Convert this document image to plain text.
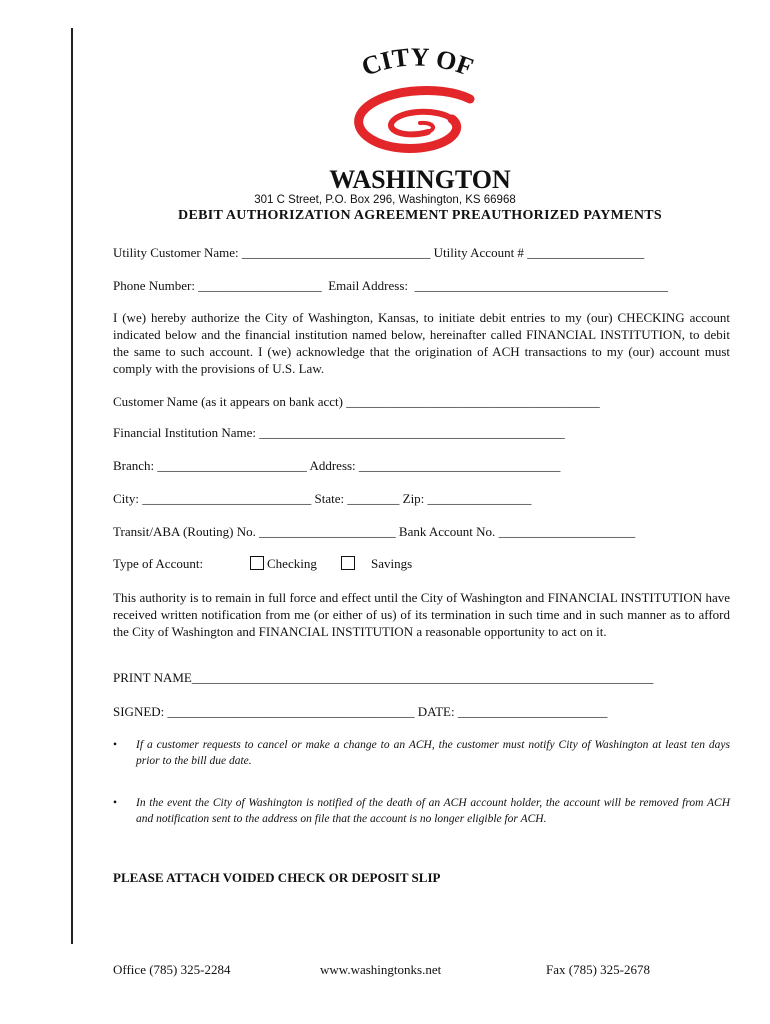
CITY OF
WASHINGTON
301 C Street, P.O. Box 296, Washington, KS 66968
DEBIT AUTHORIZATION AGREEMENT PREAUTHORIZED PAYMENTS
Utility Customer Name: _____________________________ Utility Account # __________________
Phone Number: ___________________ Email Address: _______________________________________
I (we) hereby authorize the City of Washington, Kansas, to initiate debit entries to my (our) CHECKING account indicated below and the financial institution named below, hereinafter called FINANCIAL INSTITUTION, to debit the same to such account. I (we) acknowledge that the origination of ACH transactions to my (our) account must comply with the provisions of U.S. Law.
Customer Name (as it appears on bank acct) _______________________________________
Financial Institution Name: _______________________________________________
Branch: _______________________ Address: _______________________________
City: __________________________ State: ________ Zip: ________________
Transit/ABA (Routing) No. _____________________ Bank Account No. _____________________
Type of Account:	Checking	Savings
This authority is to remain in full force and effect until the City of Washington and FINANCIAL INSTITUTION have received written notification from me (or either of us) of its termination in such time and in such manner as to afford the City of Washington and FINANCIAL INSTITUTION a reasonable opportunity to act on it.
PRINT NAME_______________________________________________________________________
SIGNED: ______________________________________ DATE: _______________________
• If a customer requests to cancel or make a change to an ACH, the customer must notify City of Washington at least ten days prior to the bill due date.
• In the event the City of Washington is notified of the death of an ACH account holder, the account will be removed from ACH and notification sent to the address on file that the account is no longer eligible for ACH.
PLEASE ATTACH VOIDED CHECK OR DEPOSIT SLIP
Office (785) 325-2284	www.washingtonks.net	Fax (785) 325-2678
